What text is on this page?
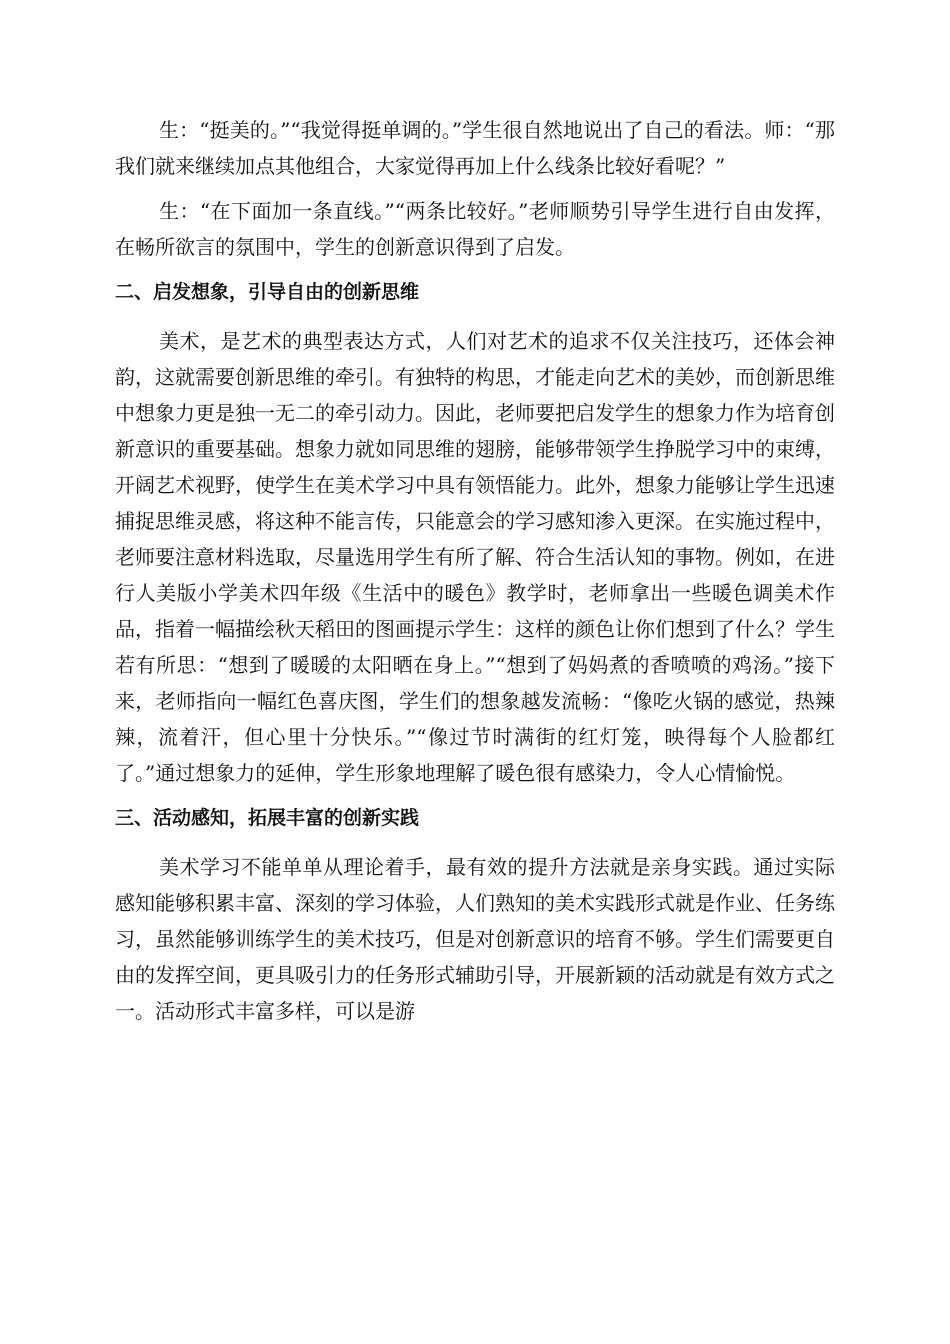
生：“挺美的。”“我觉得挺单调的。”学生很自然地说出了自己的看法。师：“那我们就来继续加点其他组合，大家觉得再加上什么线条比较好看呢？”

生：“在下面加一条直线。”“两条比较好。”老师顺势引导学生进行自由发挥，在畅所欲言的氛围中，学生的创新意识得到了启发。

二、启发想象，引导自由的创新思维

美术，是艺术的典型表达方式，人们对艺术的追求不仅关注技巧，还体会神韵，这就需要创新思维的牵引。有独特的构思，才能走向艺术的美妙，而创新思维中想象力更是独一无二的牵引动力。因此，老师要把启发学生的想象力作为培育创新意识的重要基础。想象力就如同思维的翅膀，能够带领学生挣脱学习中的束缚，开阔艺术视野，使学生在美术学习中具有领悟能力。此外，想象力能够让学生迅速捕捉思维灵感，将这种不能言传，只能意会的学习感知渗入更深。在实施过程中，老师要注意材料选取，尽量选用学生有所了解、符合生活认知的事物。例如，在进行人美版小学美术四年级《生活中的暖色》教学时，老师拿出一些暖色调美术作品，指着一幅描绘秋天稻田的图画提示学生：这样的颜色让你们想到了什么？学生若有所思：“想到了暖暖的太阳晒在身上。”“想到了妈妈煮的香喷喷的鸡汤。”接下来，老师指向一幅红色喜庆图，学生们的想象越发流畅：“像吃火锅的感觉，热辣辣，流着汗，但心里十分快乐。”“像过节时满街的红灯笼，映得每个人脸都红了。”通过想象力的延伸，学生形象地理解了暖色很有感染力，令人心情愉悦。

三、活动感知，拓展丰富的创新实践

美术学习不能单单从理论着手，最有效的提升方法就是亲身实践。通过实际感知能够积累丰富、深刻的学习体验，人们熟知的美术实践形式就是作业、任务练习，虽然能够训练学生的美术技巧，但是对创新意识的培育不够。学生们需要更自由的发挥空间，更具吸引力的任务形式辅助引导，开展新颖的活动就是有效方式之一。活动形式丰富多样，可以是游
